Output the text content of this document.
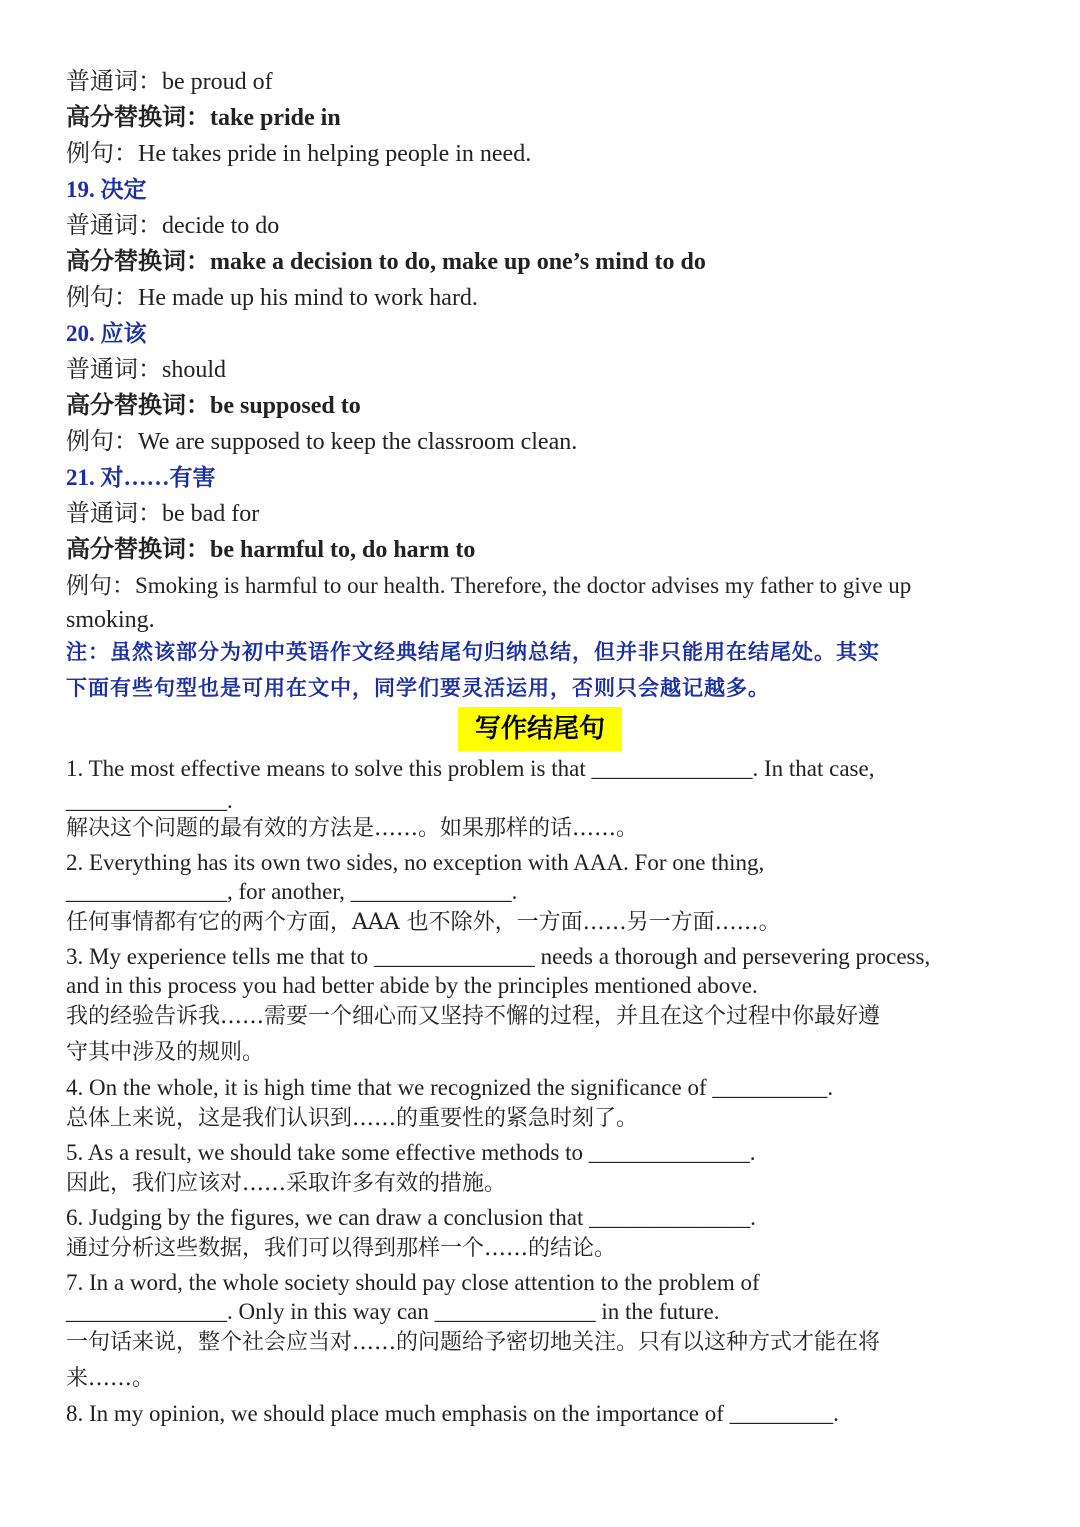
普通词：be proud of
高分替换词：take pride in
例句：He takes pride in helping people in need.
19. 决定
普通词：decide to do
高分替换词：make a decision to do, make up one’s mind to do
例句：He made up his mind to work hard.
20. 应该
普通词：should
高分替换词：be supposed to
例句：We are supposed to keep the classroom clean.
21. 对……有害
普通词：be bad for
高分替换词：be harmful to, do harm to
例句：Smoking is harmful to our health. Therefore, the doctor advises my father to give up
smoking.
注：虽然该部分为初中英语作文经典结尾句归纳总结，但并非只能用在结尾处。其实
下面有些句型也是可用在文中，同学们要灵活运用，否则只会越记越多。
写作结尾句
1. The most effective means to solve this problem is that ______________. In that case,
______________.
解决这个问题的最有效的方法是……。如果那样的话……。
2. Everything has its own two sides, no exception with AAA. For one thing,
______________, for another, ______________.
任何事情都有它的两个方面，AAA 也不除外，一方面……另一方面……。
3. My experience tells me that to ______________ needs a thorough and persevering process,
and in this process you had better abide by the principles mentioned above.
我的经验告诉我……需要一个细心而又坚持不懈的过程，并且在这个过程中你最好遵
守其中涉及的规则。
4. On the whole, it is high time that we recognized the significance of __________.
总体上来说，这是我们认识到……的重要性的紧急时刻了。
5. As a result, we should take some effective methods to ______________.
因此，我们应该对……采取许多有效的措施。
6. Judging by the figures, we can draw a conclusion that ______________.
通过分析这些数据，我们可以得到那样一个……的结论。
7. In a word, the whole society should pay close attention to the problem of
______________. Only in this way can ______________ in the future.
一句话来说，整个社会应当对……的问题给予密切地关注。只有以这种方式才能在将
来……。
8. In my opinion, we should place much emphasis on the importance of _________.
